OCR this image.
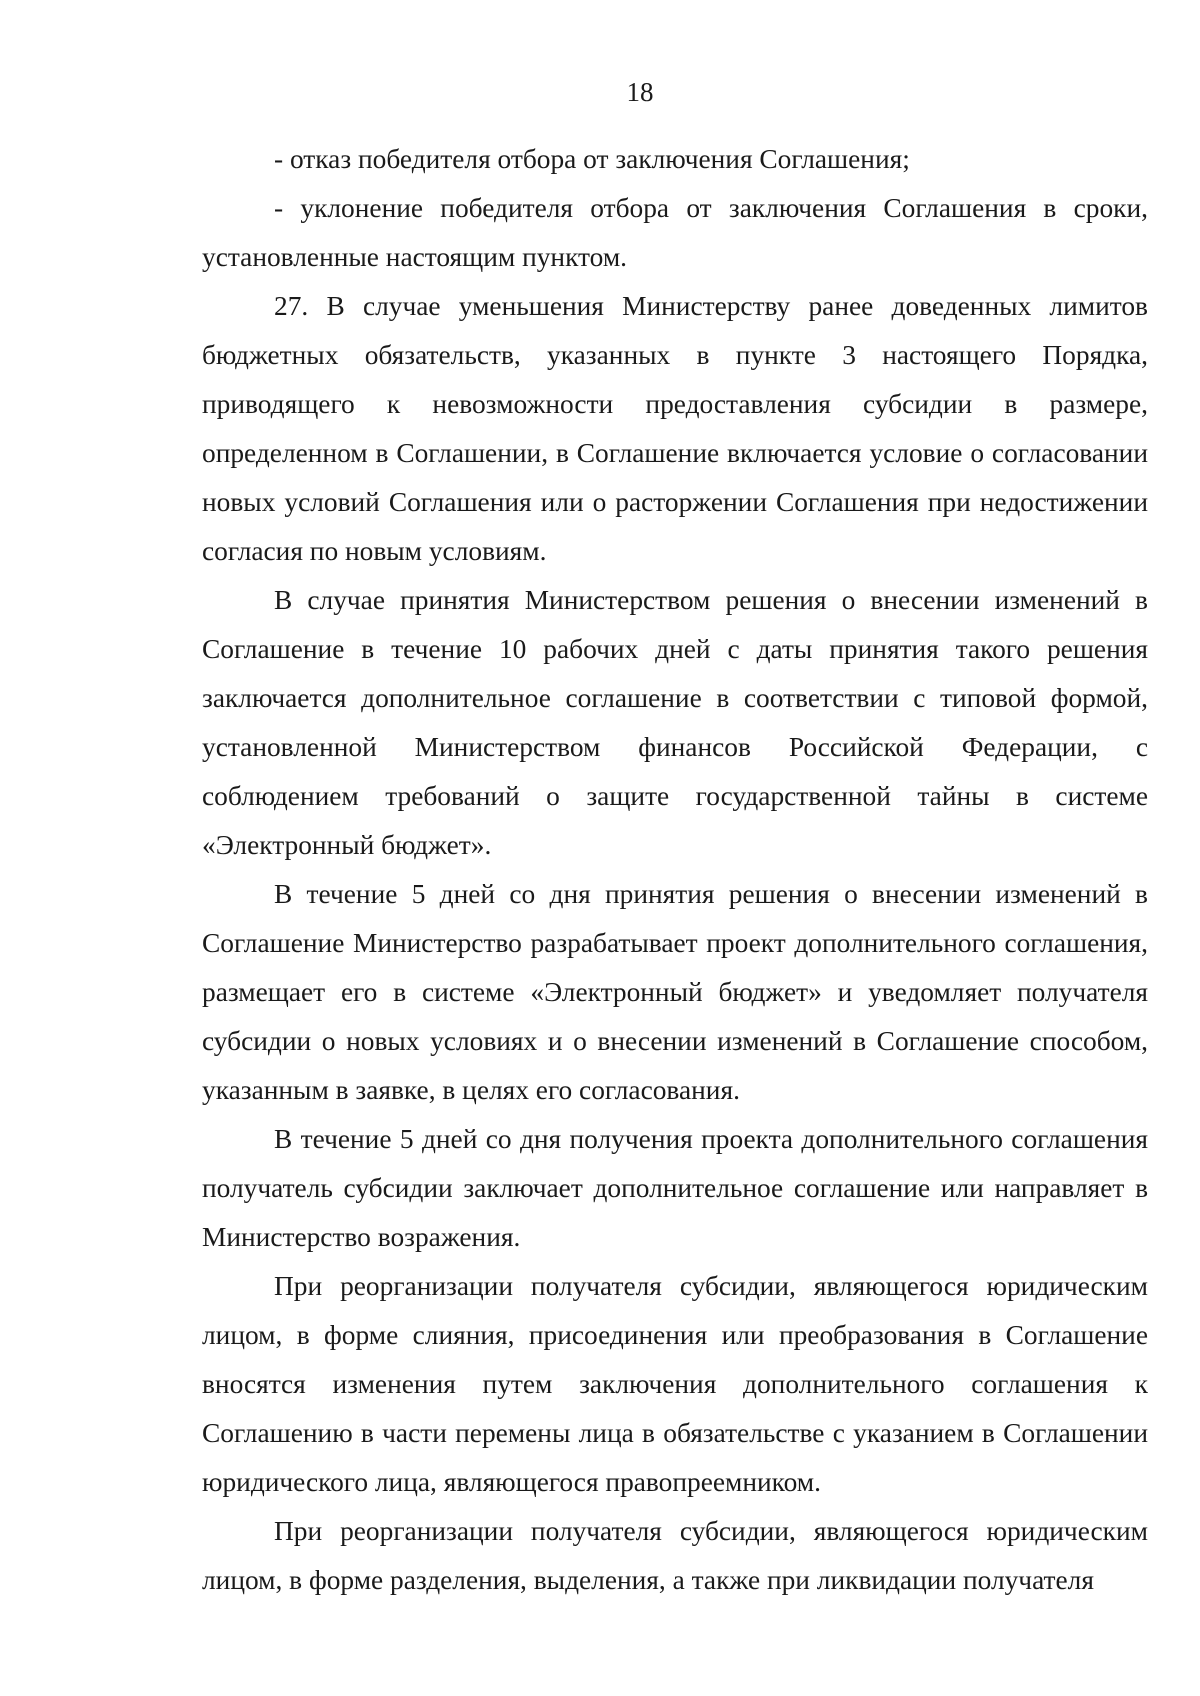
18

- отказ победителя отбора от заключения Соглашения;

- уклонение победителя отбора от заключения Соглашения в сроки, установленные настоящим пунктом.

27. В случае уменьшения Министерству ранее доведенных лимитов бюджетных обязательств, указанных в пункте 3 настоящего Порядка, приводящего к невозможности предоставления субсидии в размере, определенном в Соглашении, в Соглашение включается условие о согласовании новых условий Соглашения или о расторжении Соглашения при недостижении согласия по новым условиям.

В случае принятия Министерством решения о внесении изменений в Соглашение в течение 10 рабочих дней с даты принятия такого решения заключается дополнительное соглашение в соответствии с типовой формой, установленной Министерством финансов Российской Федерации, с соблюдением требований о защите государственной тайны в системе «Электронный бюджет».

В течение 5 дней со дня принятия решения о внесении изменений в Соглашение Министерство разрабатывает проект дополнительного соглашения, размещает его в системе «Электронный бюджет» и уведомляет получателя субсидии о новых условиях и о внесении изменений в Соглашение способом, указанным в заявке, в целях его согласования.

В течение 5 дней со дня получения проекта дополнительного соглашения получатель субсидии заключает дополнительное соглашение или направляет в Министерство возражения.

При реорганизации получателя субсидии, являющегося юридическим лицом, в форме слияния, присоединения или преобразования в Соглашение вносятся изменения путем заключения дополнительного соглашения к Соглашению в части перемены лица в обязательстве с указанием в Соглашении юридического лица, являющегося правопреемником.

При реорганизации получателя субсидии, являющегося юридическим лицом, в форме разделения, выделения, а также при ликвидации получателя
